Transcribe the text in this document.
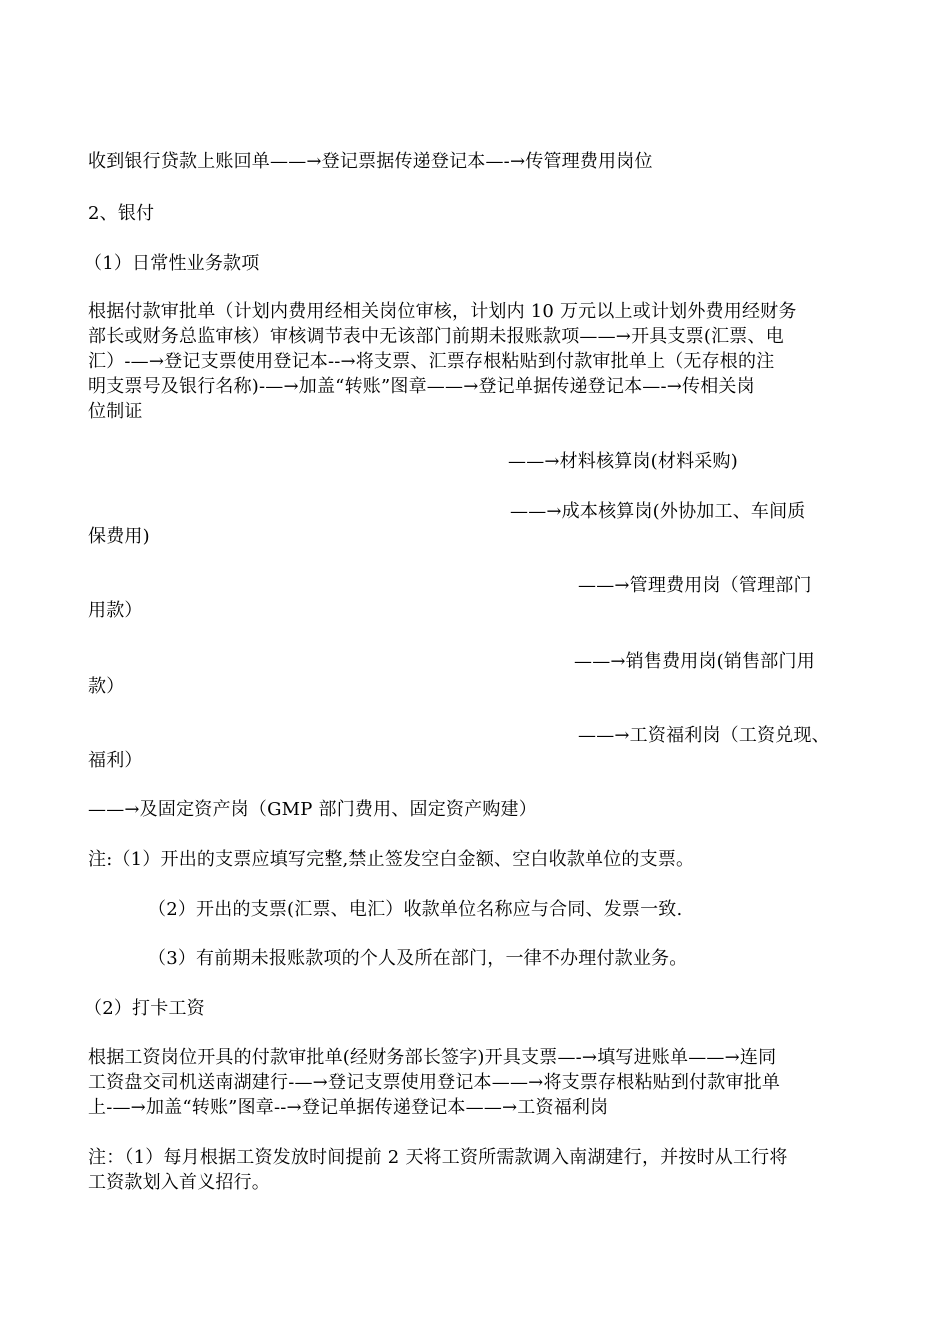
收到银行贷款上账回单——→登记票据传递登记本—-→传管理费用岗位
2、银付
（1）日常性业务款项
根据付款审批单（计划内费用经相关岗位审核，计划内 10 万元以上或计划外费用经财务
部长或财务总监审核）审核调节表中无该部门前期未报账款项——→开具支票(汇票、电
汇）-—→登记支票使用登记本--→将支票、汇票存根粘贴到付款审批单上（无存根的注
明支票号及银行名称)-—→加盖“转账”图章——→登记单据传递登记本—-→传相关岗
位制证
——→材料核算岗(材料采购)
——→成本核算岗(外协加工、车间质
保费用)
——→管理费用岗（管理部门
用款）
——→销售费用岗(销售部门用
款）
——→工资福利岗（工资兑现、
福利）
——→及固定资产岗（GMP 部门费用、固定资产购建）
注:（1）开出的支票应填写完整,禁止签发空白金额、空白收款单位的支票。
（2）开出的支票(汇票、电汇）收款单位名称应与合同、发票一致.
（3）有前期未报账款项的个人及所在部门，一律不办理付款业务。
（2）打卡工资
根据工资岗位开具的付款审批单(经财务部长签字)开具支票—-→填写进账单——→连同
工资盘交司机送南湖建行-—→登记支票使用登记本——→将支票存根粘贴到付款审批单
上-—→加盖“转账”图章--→登记单据传递登记本——→工资福利岗
注：（1）每月根据工资发放时间提前 2 天将工资所需款调入南湖建行，并按时从工行将
工资款划入首义招行。
